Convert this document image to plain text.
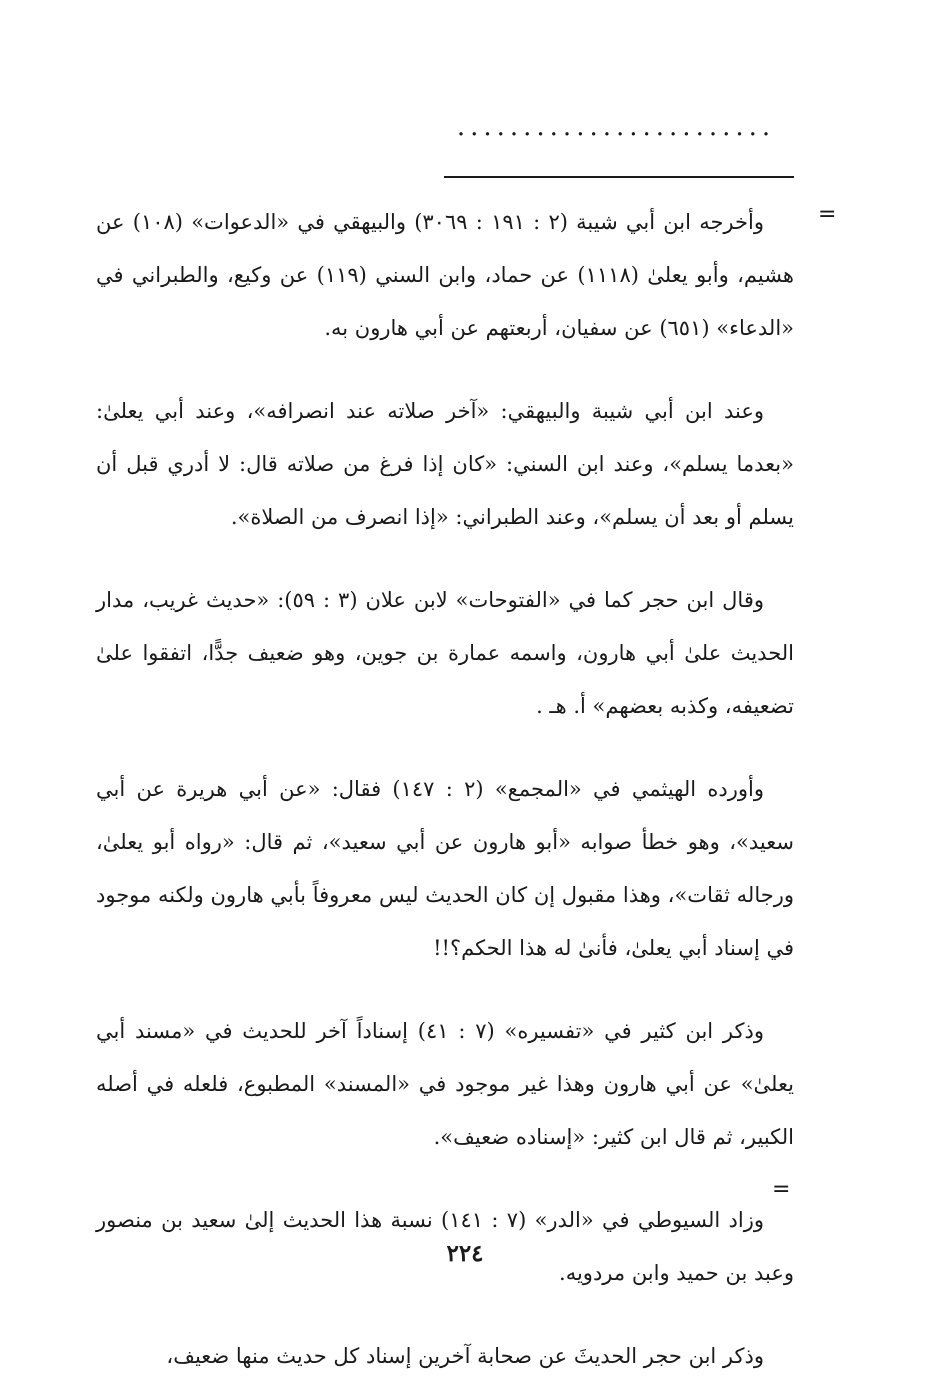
........................
=

وأخرجه ابن أبي شيبة (٢ : ١٩١ : ٣٠٦٩) والبيهقي في «الدعوات» (١٠٨) عن هشيم، وأبو يعلىٰ (١١١٨) عن حماد، وابن السني (١١٩) عن وكيع، والطبراني في «الدعاء» (٦٥١) عن سفيان، أربعتهم عن أبي هارون به.

وعند ابن أبي شيبة والبيهقي: «آخر صلاته عند انصرافه»، وعند أبي يعلىٰ: «بعدما يسلم»، وعند ابن السني: «كان إذا فرغ من صلاته قال: لا أدري قبل أن يسلم أو بعد أن يسلم»، وعند الطبراني: «إذا انصرف من الصلاة».

وقال ابن حجر كما في «الفتوحات» لابن علان (٣ : ٥٩): «حديث غريب، مدار الحديث علىٰ أبي هارون، واسمه عمارة بن جوين، وهو ضعيف جدًّا، اتفقوا علىٰ تضعيفه، وكذبه بعضهم» أ. هـ .

وأورده الهيثمي في «المجمع» (٢ : ١٤٧) فقال: «عن أبي هريرة عن أبي سعيد»، وهو خطأ صوابه «أبو هارون عن أبي سعيد»، ثم قال: «رواه أبو يعلىٰ، ورجاله ثقات»، وهذا مقبول إن كان الحديث ليس معروفاً بأبي هارون ولكنه موجود في إسناد أبي يعلىٰ، فأنىٰ له هذا الحكم؟!!

وذكر ابن كثير في «تفسيره» (٧ : ٤١) إسناداً آخر للحديث في «مسند أبي يعلىٰ» عن أبي هارون وهذا غير موجود في «المسند» المطبوع، فلعله في أصله الكبير، ثم قال ابن كثير: «إسناده ضعيف».

وزاد السيوطي في «الدر» (٧ : ١٤١) نسبة هذا الحديث إلىٰ سعيد بن منصور وعبد بن حميد وابن مردويه.

وذكر ابن حجر الحديثَ عن صحابة آخرين إسناد كل حديث منها ضعيف،

=
٢٢٤
